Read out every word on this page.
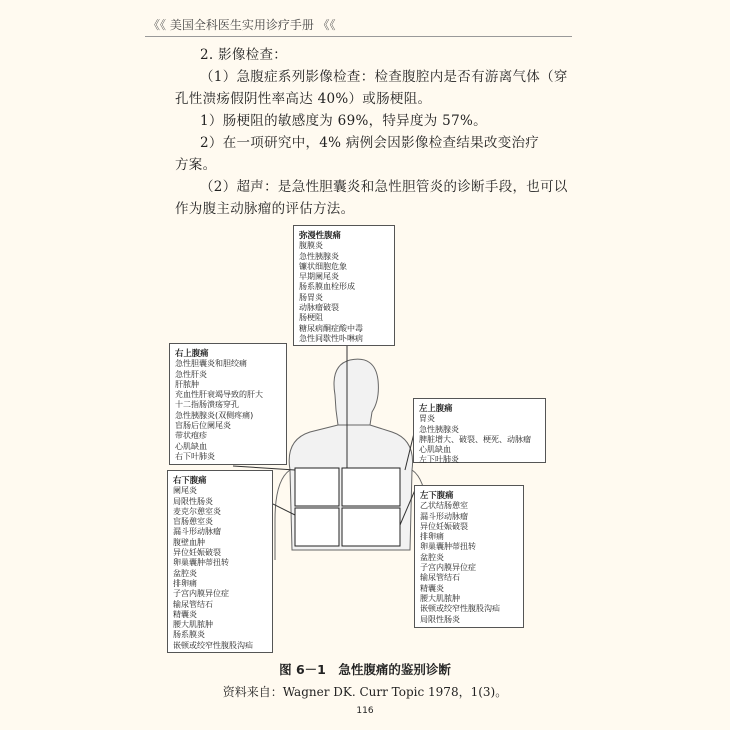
《《 美国全科医生实用诊疗手册 《《
2. 影像检查：
（1）急腹症系列影像检查：检查腹腔内是否有游离气体（穿
孔性溃疡假阴性率高达 40%）或肠梗阻。
1）肠梗阻的敏感度为 69%，特异度为 57%。
2）在一项研究中，4% 病例会因影像检查结果改变治疗
方案。
（2）超声：是急性胆囊炎和急性胆管炎的诊断手段，也可以
作为腹主动脉瘤的评估方法。
弥漫性腹痛
腹膜炎
急性胰腺炎
镰状细胞危象
早期阑尾炎
肠系膜血栓形成
肠胃炎
动脉瘤破裂
肠梗阻
糖尿病酮症酸中毒
急性间歇性卟啉病
右上腹痛
急性胆囊炎和胆绞痛
急性肝炎
肝脓肿
充血性肝衰竭导致的肝大
十二指肠溃疡穿孔
急性胰腺炎(双侧疼痛)
盲肠后位阑尾炎
带状疱疹
心肌缺血
右下叶肺炎
左上腹痛
胃炎
急性胰腺炎
脾脏增大、破裂、梗死、动脉瘤
心肌缺血
左下叶肺炎
右下腹痛
阑尾炎
局限性肠炎
麦克尔憩室炎
盲肠憩室炎
漏斗形动脉瘤
腹壁血肿
异位妊娠破裂
卵巢囊肿蒂扭转
盆腔炎
排卵痛
子宫内膜异位症
输尿管结石
精囊炎
腰大肌脓肿
肠系膜炎
嵌顿或绞窄性腹股沟疝
左下腹痛
乙状结肠憩室
漏斗形动脉瘤
异位妊娠破裂
排卵痛
卵巢囊肿蒂扭转
盆腔炎
子宫内膜异位症
输尿管结石
精囊炎
腰大肌脓肿
嵌顿或绞窄性腹股沟疝
局限性肠炎
图 6－1　急性腹痛的鉴别诊断
资料来自：Wagner DK. Curr Topic 1978，1(3)。
116
